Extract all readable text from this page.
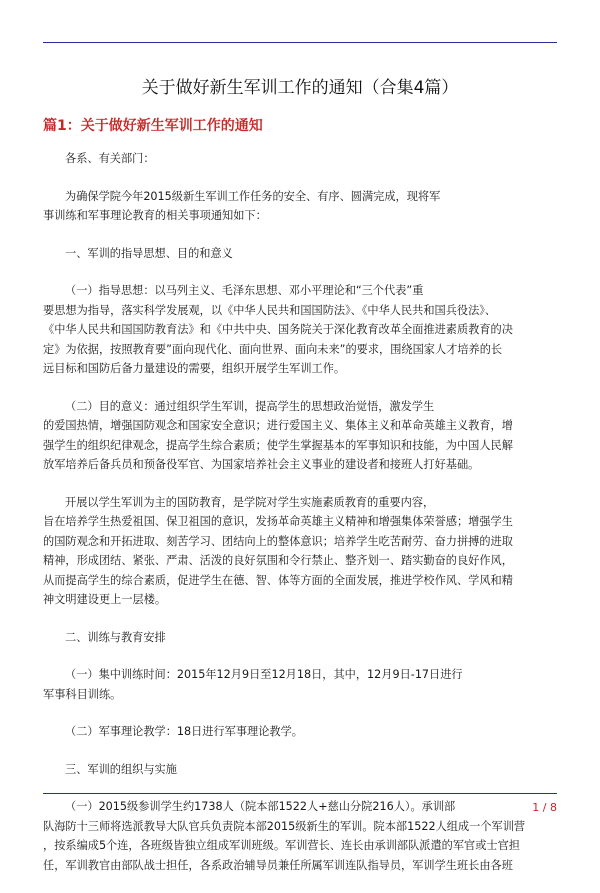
关于做好新生军训工作的通知（合集4篇）
篇1：关于做好新生军训工作的通知

各系、有关部门：

为确保学院今年2015级新生军训工作任务的安全、有序、圆满完成，现将军
事训练和军事理论教育的相关事项通知如下：

一、军训的指导思想、目的和意义

（一）指导思想：以马列主义、毛泽东思想、邓小平理论和“三个代表”重
要思想为指导，落实科学发展观，以《中华人民共和国国防法》、《中华人民共和国兵役法》、
《中华人民共和国国防教育法》和《中共中央、国务院关于深化教育改革全面推进素质教育的决
定》为依据，按照教育要”面向现代化、面向世界、面向未来”的要求，围绕国家人才培养的长
远目标和国防后备力量建设的需要，组织开展学生军训工作。

（二）目的意义：通过组织学生军训，提高学生的思想政治觉悟，激发学生
的爱国热情，增强国防观念和国家安全意识；进行爱国主义、集体主义和革命英雄主义教育，增
强学生的组织纪律观念，提高学生综合素质；使学生掌握基本的军事知识和技能，为中国人民解
放军培养后备兵员和预备役军官、为国家培养社会主义事业的建设者和接班人打好基础。

开展以学生军训为主的国防教育，是学院对学生实施素质教育的重要内容，
旨在培养学生热爱祖国、保卫祖国的意识，发扬革命英雄主义精神和增强集体荣誉感；增强学生
的国防观念和开拓进取、刻苦学习、团结向上的整体意识；培养学生吃苦耐劳、奋力拼搏的进取
精神，形成团结、紧张、严肃、活泼的良好氛围和令行禁止、整齐划一、踏实勤奋的良好作风，
从而提高学生的综合素质，促进学生在德、智、体等方面的全面发展，推进学校作风、学风和精
神文明建设更上一层楼。

二、训练与教育安排

（一）集中训练时间：2015年12月9日至12月18日，其中，12月9日-17日进行
军事科目训练。

（二）军事理论教学：18日进行军事理论教学。

三、军训的组织与实施

（一）2015级参训学生约1738人（院本部1522人+慈山分院216人）。承训部
队海防十三师将选派教导大队官兵负责院本部2015级新生的军训。院本部1522人组成一个军训营
，按系编成5个连，各班级皆独立组成军训班级。军训营长、连长由承训部队派遣的军官或士官担
任，军训教官由部队战士担任，各系政治辅导员兼任所属军训连队指导员，军训学生班长由各班

1 / 8
